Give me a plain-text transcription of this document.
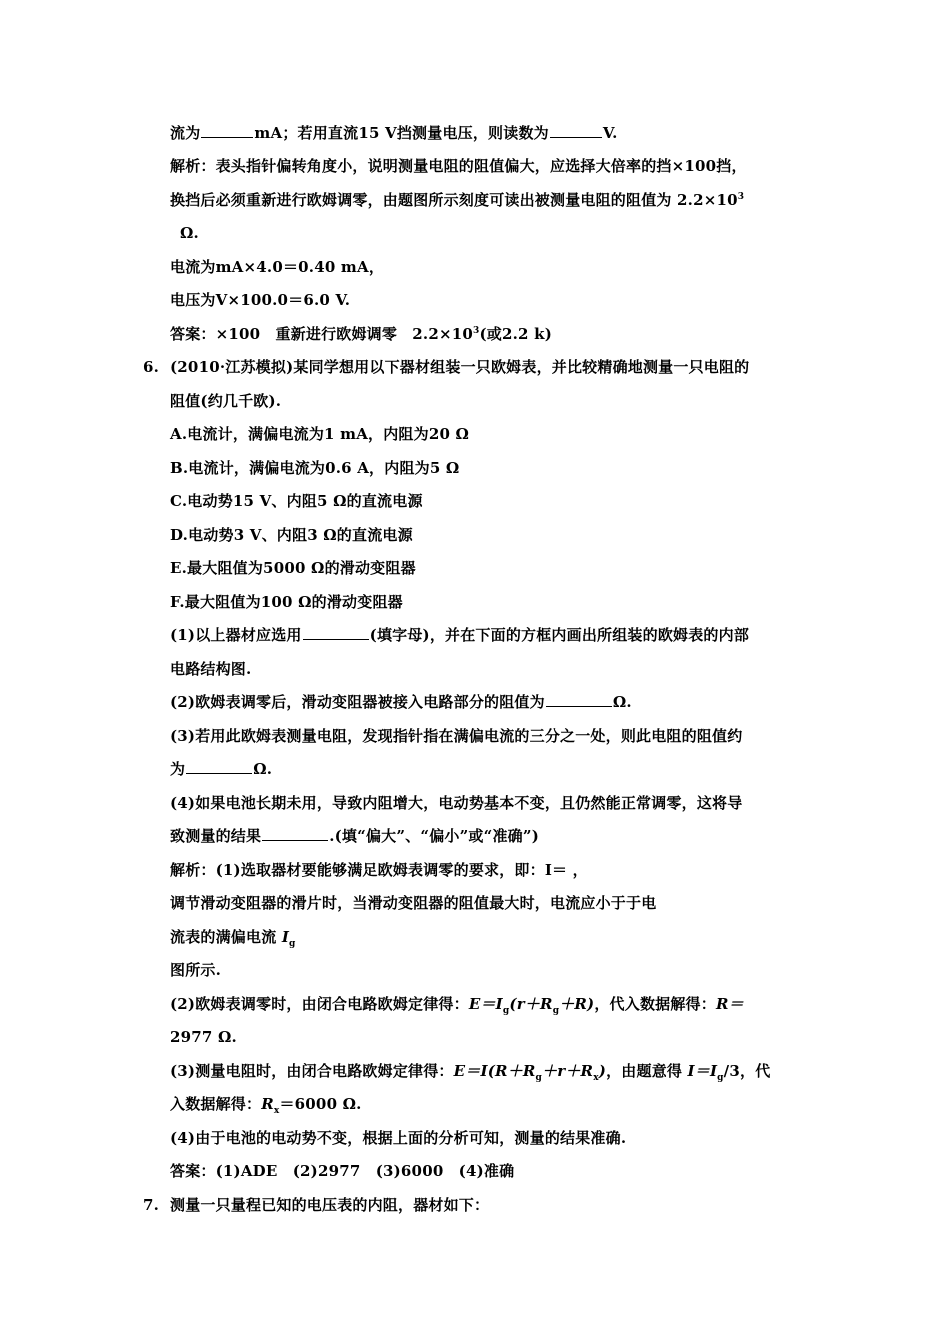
流为	mA；若用直流15 V挡测量电压，则读数为	V.
解析：表头指针偏转角度小，说明测量电阻的阻值偏大，应选择大倍率的挡×100挡，
换挡后必须重新进行欧姆调零，由题图所示刻度可读出被测量电阻的阻值为 $2.2\times 10^3$
Ω.
电流为mA×4.0＝0.40 mA，
电压为V×100.0＝6.0 V.
答案：×100　重新进行欧姆调零　$2.2\times 10^3$(或2.2 k)
6. (2010·江苏模拟)某同学想用以下器材组装一只欧姆表，并比较精确地测量一只电阻的
阻值(约几千欧).
A.电流计，满偏电流为1 mA，内阻为20 Ω
B.电流计，满偏电流为0.6 A，内阻为5 Ω
C.电动势15 V、内阻5 Ω的直流电源
D.电动势3 V、内阻3 Ω的直流电源
E.最大阻值为5000 Ω的滑动变阻器
F.最大阻值为100 Ω的滑动变阻器
(1)以上器材应选用	(填字母)，并在下面的方框内画出所组装的欧姆表的内部
电路结构图.
(2)欧姆表调零后，滑动变阻器被接入电路部分的阻值为	Ω.
(3)若用此欧姆表测量电阻，发现指针指在满偏电流的三分之一处，则此电阻的阻值约
为	Ω.
(4)如果电池长期未用，导致内阻增大，电动势基本不变，且仍然能正常调零，这将导
致测量的结果	.(填“偏大”、“偏小”或“准确”)
解析：(1)选取器材要能够满足欧姆表调零的要求，即：I＝ ，
调节滑动变阻器的滑片时，当滑动变阻器的阻值最大时，电流应小于于电
流表的满偏电流 $I_g$
图所示.
(2)欧姆表调零时，由闭合电路欧姆定律得：$E=I_g(r+R_g+R)$，代入数据解得：R＝
2977 Ω.
(3)测量电阻时，由闭合电路欧姆定律得：$E=I(R+R_g+r+R_x)$，由题意得 $I=I_g/3$，代
入数据解得：$R_x=6000$ Ω.
(4)由于电池的电动势不变，根据上面的分析可知，测量的结果准确.
答案：(1)ADE　(2)2977　(3)6000　(4)准确
7. 测量一只量程已知的电压表的内阻，器材如下：
